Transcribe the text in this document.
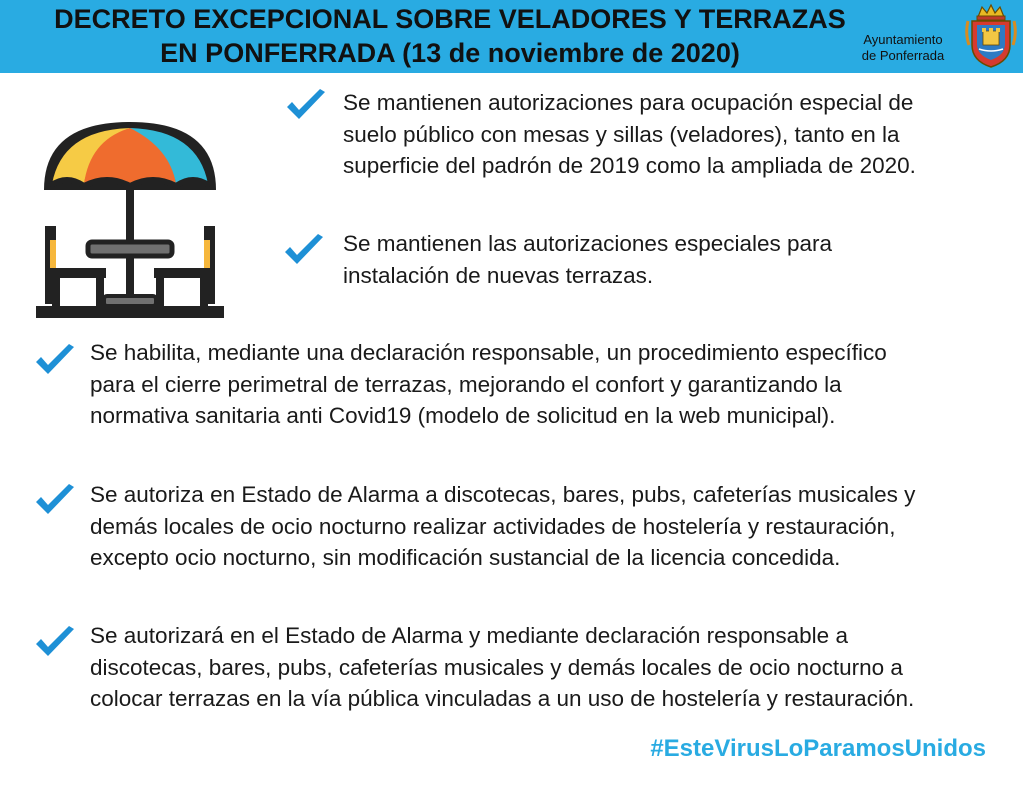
DECRETO EXCEPCIONAL SOBRE VELADORES Y TERRAZAS
EN PONFERRADA (13 de noviembre de 2020)	Ayuntamiento
de Ponferrada
Se mantienen autorizaciones para ocupación especial de
suelo público con mesas y sillas (veladores), tanto en la
superficie del padrón de 2019 como la ampliada de 2020.
Se mantienen las autorizaciones especiales para
instalación de nuevas terrazas.
Se habilita, mediante una declaración responsable, un procedimiento específico
para el cierre perimetral de terrazas, mejorando el confort y garantizando la
normativa sanitaria anti Covid19 (modelo de solicitud en la web municipal).
Se autoriza en Estado de Alarma a discotecas, bares, pubs, cafeterías musicales y
demás locales de ocio nocturno realizar actividades de hostelería y restauración,
excepto ocio nocturno, sin modificación sustancial de la licencia concedida.
Se autorizará en el Estado de Alarma y mediante declaración responsable a
discotecas, bares, pubs, cafeterías musicales y demás locales de ocio nocturno a
colocar terrazas en la vía pública vinculadas a un uso de hostelería y restauración.
#EsteVirusLoParamosUnidos
